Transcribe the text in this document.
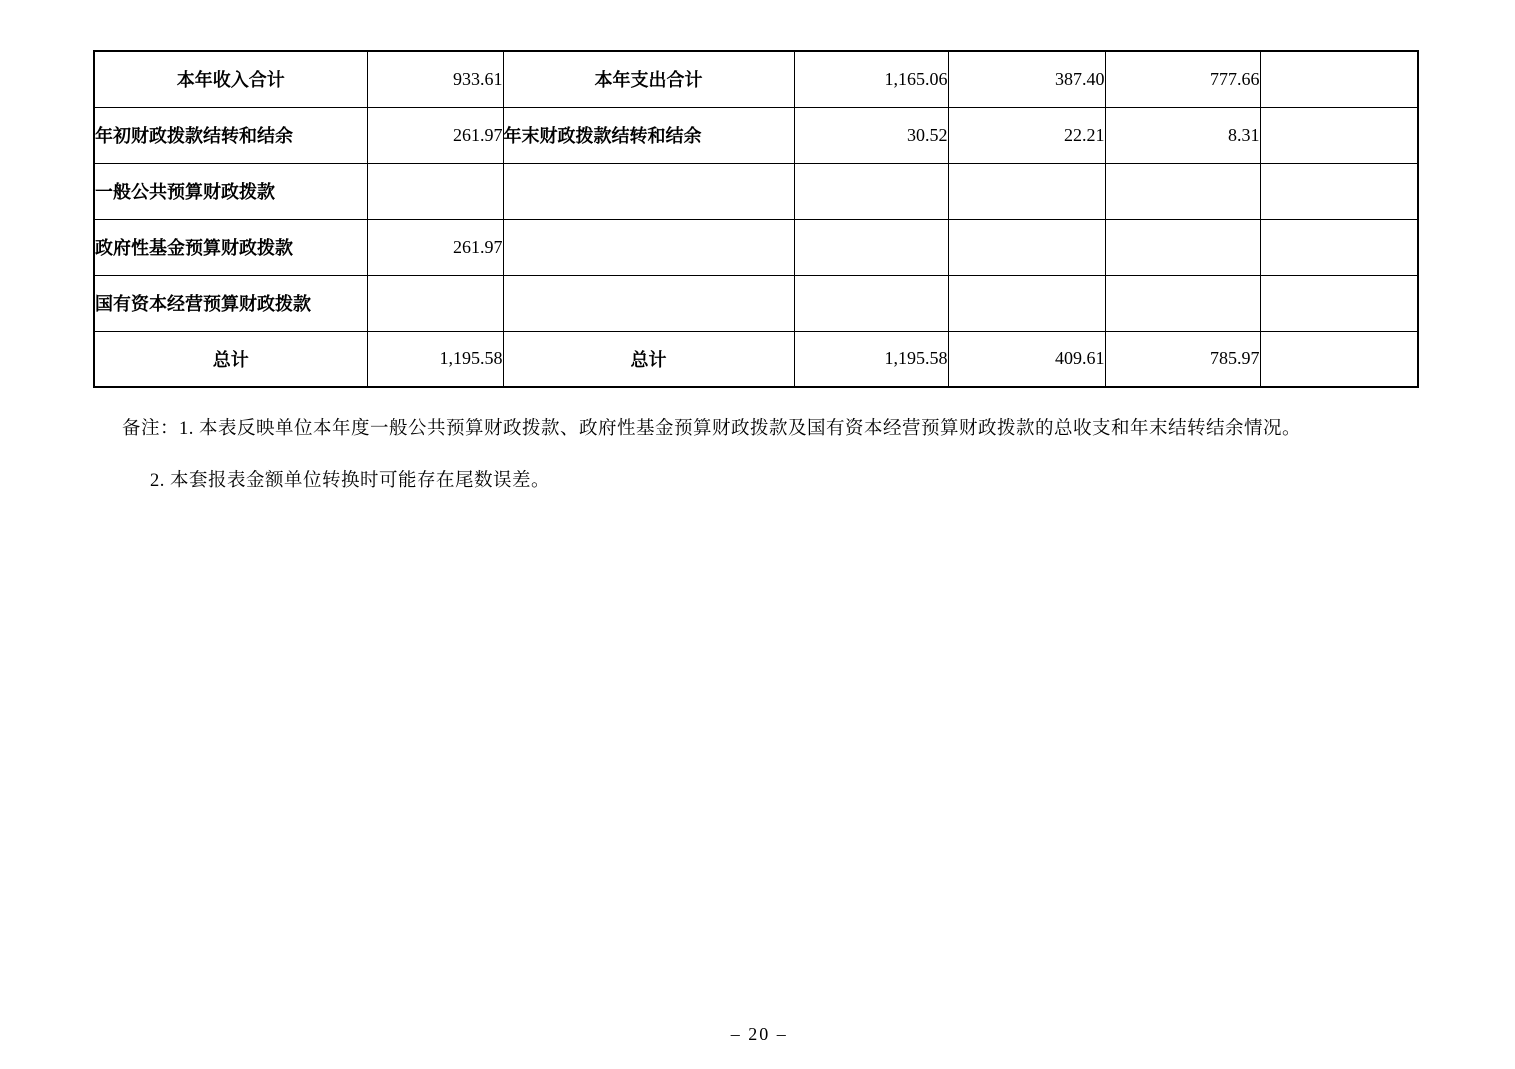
本年收入合计	933.61	本年支出合计	1,165.06	387.40	777.66	
年初财政拨款结转和结余	261.97	年末财政拨款结转和结余	30.52	22.21	8.31	
一般公共预算财政拨款						
政府性基金预算财政拨款	261.97					
国有资本经营预算财政拨款						
总计	1,195.58	总计	1,195.58	409.61	785.97	
备注：1. 本表反映单位本年度一般公共预算财政拨款、政府性基金预算财政拨款及国有资本经营预算财政拨款的总收支和年末结转结余情况。
2. 本套报表金额单位转换时可能存在尾数误差。
– 20 –
